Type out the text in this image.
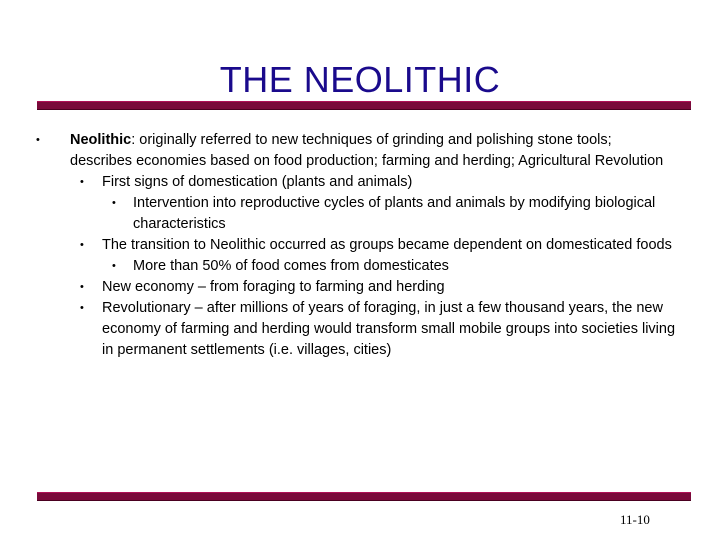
THE NEOLITHIC
• Neolithic: originally referred to new techniques of grinding and polishing stone tools; describes economies based on food production; farming and herding; Agricultural Revolution
• First signs of domestication (plants and animals)
• Intervention into reproductive cycles of plants and animals by modifying biological characteristics
• The transition to Neolithic occurred as groups became dependent on domesticated foods
• More than 50% of food comes from domesticates
• New economy – from foraging to farming and herding
• Revolutionary – after millions of years of foraging, in just a few thousand years, the new economy of farming and herding would transform small mobile groups into societies living in permanent settlements (i.e. villages, cities)
11-10
